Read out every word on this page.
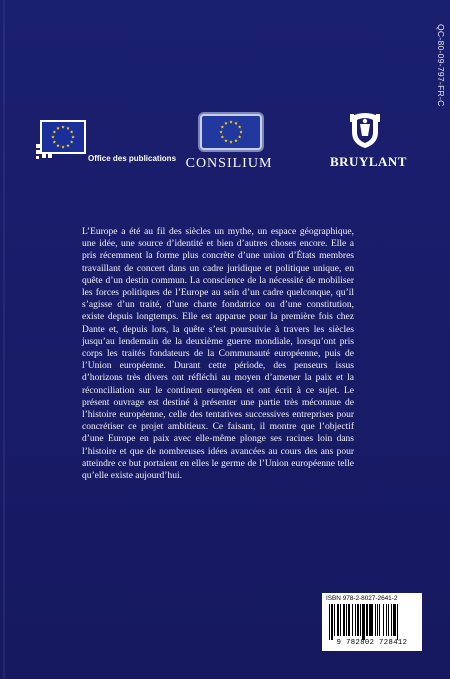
QC-80-09-797-FR-C
Office des publications CONSILIUM	BRUYLANT
L’Europe a été au fil des siècles un mythe, un espace géographique, une idée, une source d’identité et bien d’autres choses encore. Elle a pris récemment la forme plus concrète d’une union d’États membres travaillant de concert dans un cadre juridique et politique unique, en quête d’un destin commun. La conscience de la nécessité de mobiliser les forces politiques de l’Europe au sein d’un cadre quelconque, qu’il s’agisse d’un traité, d’une charte fondatrice ou d’une constitution, existe depuis longtemps. Elle est apparue pour la première fois chez Dante et, depuis lors, la quête s’est poursuivie à travers les siècles jusqu’au lendemain de la deuxième guerre mondiale, lorsqu’ont pris corps les traités fondateurs de la Communauté européenne, puis de l’Union européenne. Durant cette période, des penseurs issus d’horizons très divers ont réfléchi au moyen d’amener la paix et la réconciliation sur le continent européen et ont écrit à ce sujet. Le présent ouvrage est destiné à présenter une partie très méconnue de l’histoire européenne, celle des tentatives successives entreprises pour concrétiser ce projet ambitieux. Ce faisant, il montre que l’objectif d’une Europe en paix avec elle-même plonge ses racines loin dans l’histoire et que de nombreuses idées avancées au cours des ans pour atteindre ce but portaient en elles le germe de l’Union européenne telle qu’elle existe aujourd’hui.
ISBN 978-2-8027-2641-2
9 782802 728412
